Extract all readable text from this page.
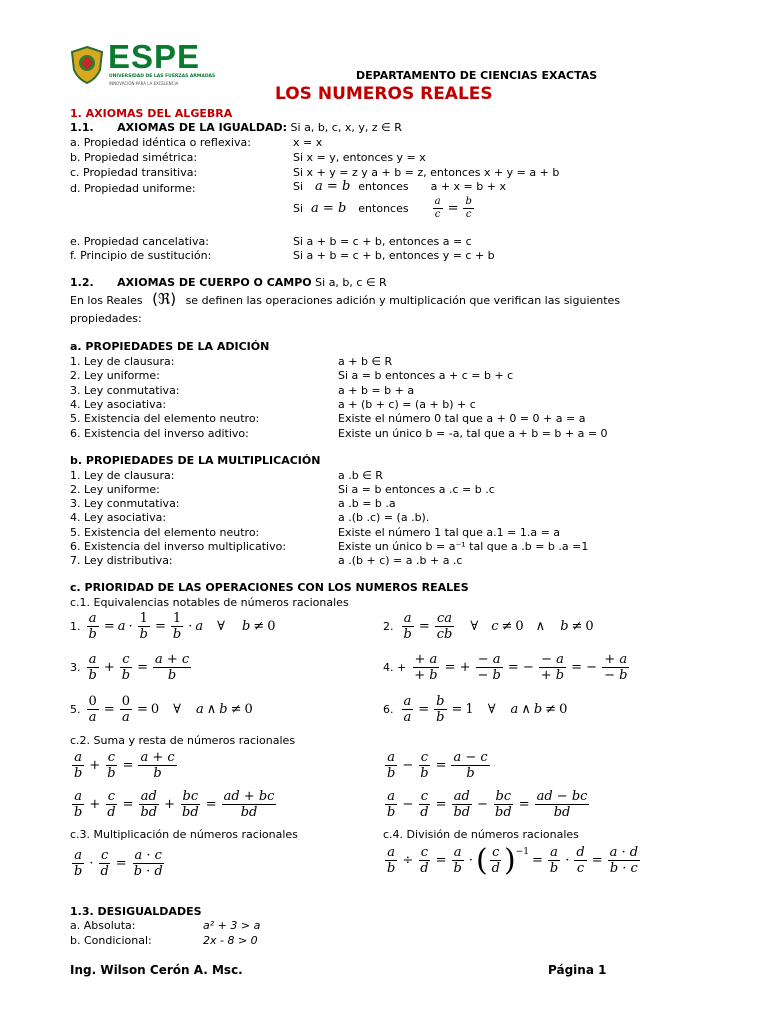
ESPE
UNIVERSIDAD DE LAS FUERZAS ARMADAS
INNOVACIÓN PARA LA EXCELENCIA
DEPARTAMENTO DE CIENCIAS EXACTAS
LOS NUMEROS REALES
1. AXIOMAS DEL ALGEBRA
1.1. AXIOMAS DE LA IGUALDAD: Si a, b, c, x, y, z ∈ R
a. Propiedad idéntica o reflexiva:	x = x
b. Propiedad simétrica:	Si x = y, entonces y = x
c. Propiedad transitiva:	Si x + y = z y a + b = z, entonces x + y = a + b
d. Propiedad uniforme:	Si a = b entonces a + x = b + x
Si a = b entonces $\frac{a}{c} = \frac{b}{c}$
e. Propiedad cancelativa:	Si a + b = c + b, entonces a = c
f. Principio de sustitución:	Si a + b = c + b, entonces y = c + b
1.2. AXIOMAS DE CUERPO O CAMPO Si a, b, c ∈ R
En los Reales (ℜ) se definen las operaciones adición y multiplicación que verifican las siguientes
propiedades:
a. PROPIEDADES DE LA ADICIÓN
1. Ley de clausura:	a + b ∈ R
2. Ley uniforme:	Si a = b entonces a + c = b + c
3. Ley conmutativa:	a + b = b + a
4. Ley asociativa:	a + (b + c) = (a + b) + c
5. Existencia del elemento neutro:	Existe el número 0 tal que a + 0 = 0 + a = a
6. Existencia del inverso aditivo:	Existe un único b = -a, tal que a + b = b + a = 0
b. PROPIEDADES DE LA MULTIPLICACIÓN
1. Ley de clausura:	a .b ∈ R
2. Ley uniforme:	Si a = b entonces a .c = b .c
3. Ley conmutativa:	a .b = b .a
4. Ley asociativa:	a .(b .c) = (a .b).
5. Existencia del elemento neutro:	Existe el número 1 tal que a.1 = 1.a = a
6. Existencia del inverso multiplicativo:	Existe un único b = a⁻¹ tal que a .b = b .a =1
7. Ley distributiva:	a .(b + c) = a .b + a .c
c. PRIORIDAD DE LAS OPERACIONES CON LOS NUMEROS REALES
c.1. Equivalencias notables de números racionales
1. $\frac{a}{b} = a \cdot \frac{1}{b} = \frac{1}{b} \cdot a$ ∀ b ≠ 0	2. $\frac{a}{b} = \frac{ca}{cb}$ ∀ c ≠ 0 ∧ b ≠ 0
3. $\frac{a}{b} + \frac{c}{b} = \frac{a + c}{b}$	4. + $\frac{+ a}{+ b}$ = + $\frac{- a}{- b}$ = − $\frac{- a}{+ b}$ = − $\frac{+ a}{- b}$
5. $\frac{0}{a} = \frac{0}{a} = 0$ ∀ a ∧ b ≠ 0	6. $\frac{a}{a} = \frac{b}{b} = 1$ ∀ a ∧ b ≠ 0
c.2. Suma y resta de números racionales
$\frac{a}{b} + \frac{c}{b} = \frac{a + c}{b}$	$\frac{a}{b} - \frac{c}{b} = \frac{a - c}{b}$
$\frac{a}{b} + \frac{c}{d} = \frac{ad}{bd} + \frac{bc}{bd} = \frac{ad + bc}{bd}$	$\frac{a}{b} - \frac{c}{d} = \frac{ad}{bd} - \frac{bc}{bd} = \frac{ad - bc}{bd}$
c.3. Multiplicación de números racionales	c.4. División de números racionales
$\frac{a}{b} \cdot \frac{c}{d} = \frac{a \cdot c}{b \cdot d}$	$\frac{a}{b} \div \frac{c}{d} = \frac{a}{b}$ · ( $\frac{c}{d}$ ) −1
= $\frac{a}{b} \cdot \frac{d}{c} = \frac{a \cdot d}{b \cdot c}$
1.3. DESIGUALDADES
a. Absoluta:	a² + 3 > a
b. Condicional:	2x - 8 > 0
Ing. Wilson Cerón A. Msc.	Página 1
